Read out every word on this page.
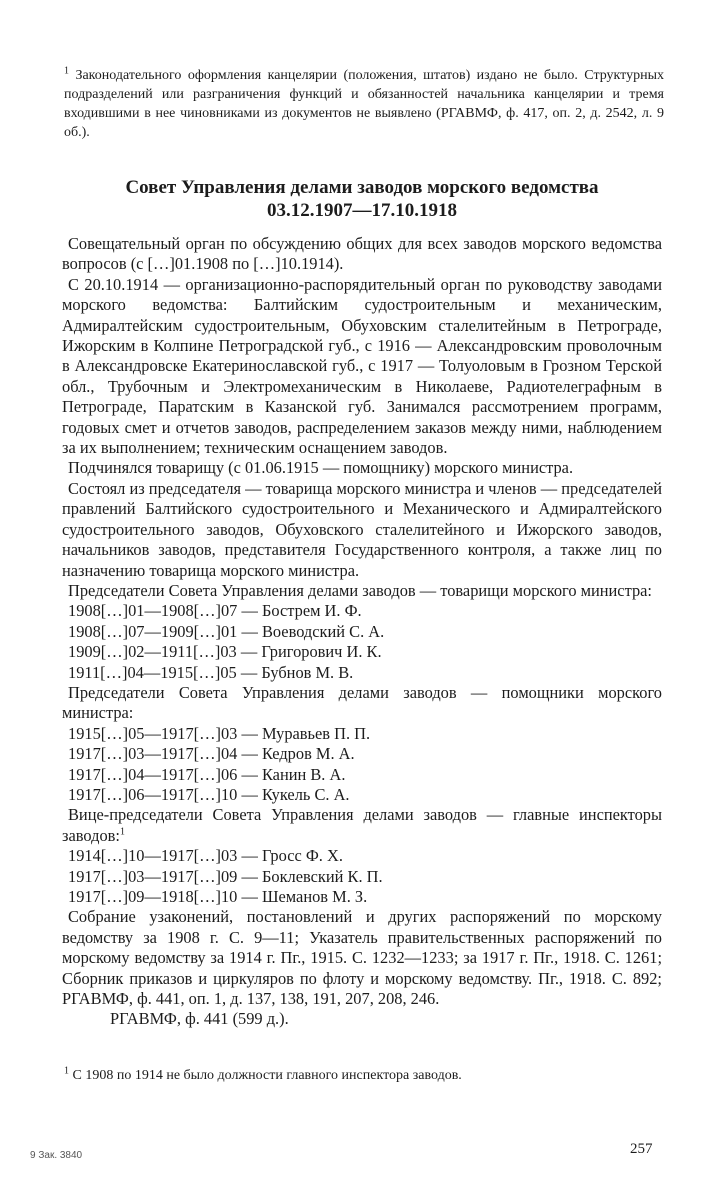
$^1$ Законодательного оформления канцелярии (положения, штатов) издано не было. Структурных подразделений или разграничения функций и обязанностей начальника канцелярии и тремя входившими в нее чиновниками из документов не выявлено (РГАВМФ, ф. 417, оп. 2, д. 2542, л. 9 об.).
Совет Управления делами заводов морского ведомства
03.12.1907—17.10.1918

Совещательный орган по обсуждению общих для всех заводов морского ведомства вопросов (с […]01.1908 по […]10.1914).

С 20.10.1914 — организационно-распорядительный орган по руководству заводами морского ведомства: Балтийским судостроительным и механическим, Адмиралтейским судостроительным, Обуховским сталелитейным в Петрограде, Ижорским в Колпине Петроградской губ., с 1916 — Александровским проволочным в Александровске Екатеринославской губ., с 1917 — Толуоловым в Грозном Терской обл., Трубочным и Электромеханическим в Николаеве, Радиотелеграфным в Петрограде, Паратским в Казанской губ. Занимался рассмотрением программ, годовых смет и отчетов заводов, распределением заказов между ними, наблюдением за их выполнением; техническим оснащением заводов.

Подчинялся товарищу (с 01.06.1915 — помощнику) морского министра.

Состоял из председателя — товарища морского министра и членов — председателей правлений Балтийского судостроительного и Механического и Адмиралтейского судостроительного заводов, Обуховского сталелитейного и Ижорского заводов, начальников заводов, представителя Государственного контроля, а также лиц по назначению товарища морского министра.

Председатели Совета Управления делами заводов — товарищи морского министра:

1908[…]01—1908[…]07
—
Бострем И. Ф.
1908[…]07—1909[…]01
—
Воеводский С. А.
1909[…]02—1911[…]03
—
Григорович И. К.
1911[…]04—1915[…]05
—
Бубнов М. В.

Председатели Совета Управления делами заводов — помощники морского министра:

1915[…]05—1917[…]03
—
Муравьев П. П.
1917[…]03—1917[…]04
—
Кедров М. А.
1917[…]04—1917[…]06
—
Канин В. А.
1917[…]06—1917[…]10
—
Кукель С. А.

Вице-председатели Совета Управления делами заводов — главные инспекторы заводов:$^1$

1914[…]10—1917[…]03
—
Гросс Ф. Х.
1917[…]03—1917[…]09
—
Боклевский К. П.
1917[…]09—1918[…]10
—
Шеманов М. З.

Собрание узаконений, постановлений и других распоряжений по морскому ведомству за 1908 г. С. 9—11; Указатель правительственных распоряжений по морскому ведомству за 1914 г. Пг., 1915. С. 1232—1233; за 1917 г. Пг., 1918. С. 1261; Сборник приказов и циркуляров по флоту и морскому ведомству. Пг., 1918. С. 892; РГАВМФ, ф. 441, оп. 1, д. 137, 138, 191, 207, 208, 246.

РГАВМФ, ф. 441 (599 д.).

$^1$ С 1908 по 1914 не было должности главного инспектора заводов.
9 Зак. 3840	257
